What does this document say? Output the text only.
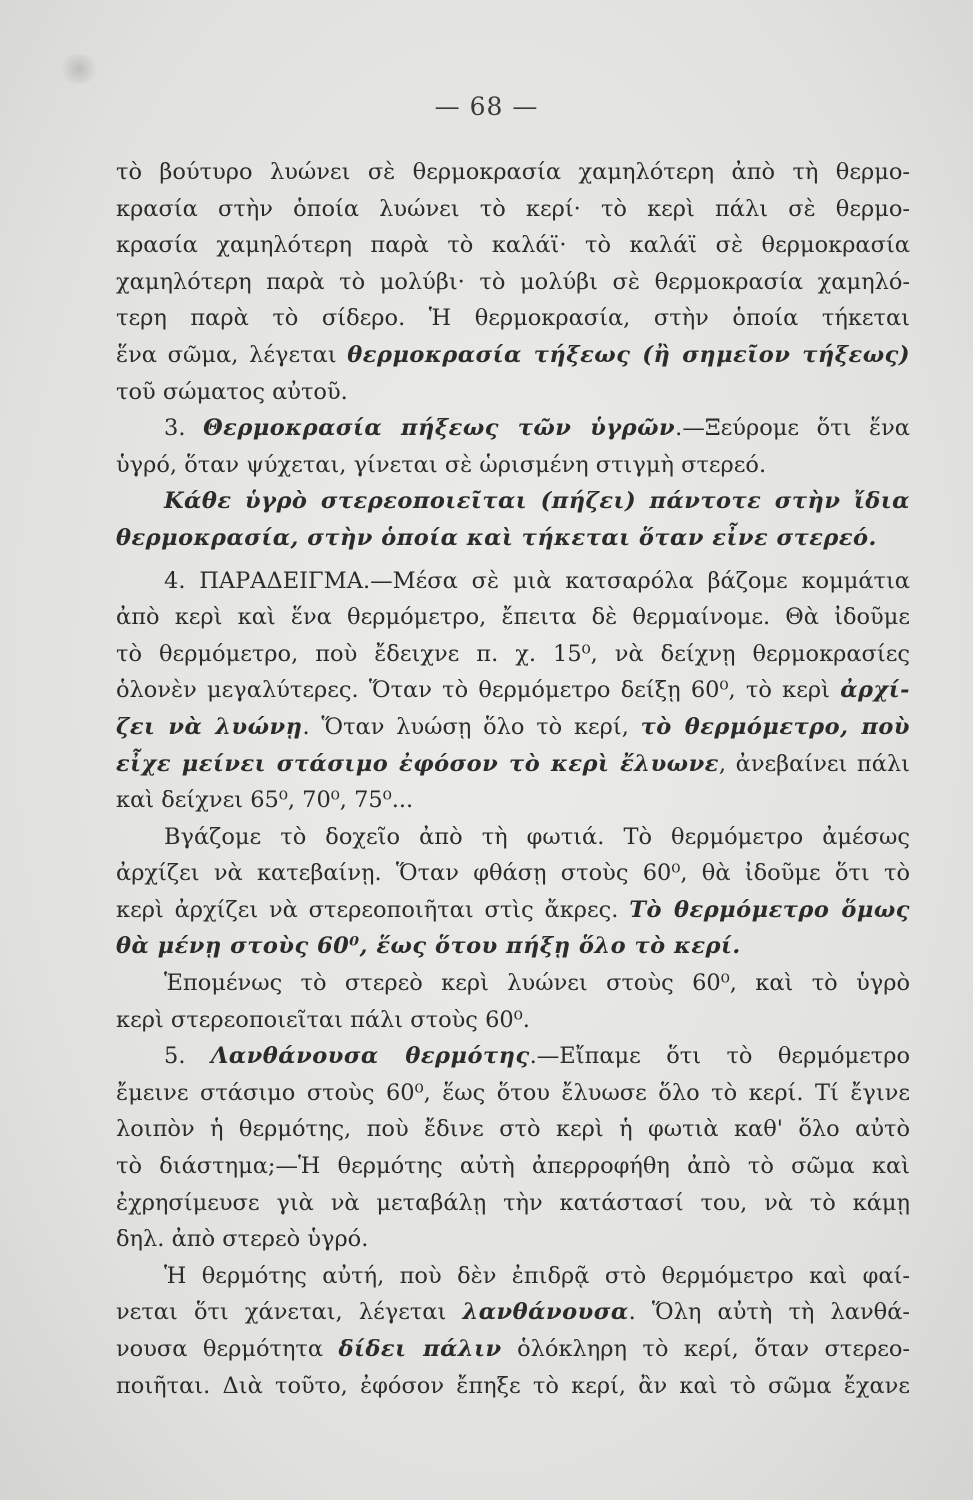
— 68 —
τὸ βούτυρο λυώνει σὲ θερμοκρασία χαμηλότερη ἀπὸ τὴ θερμο-
κρασία στὴν ὁποία λυώνει τὸ κερί· τὸ κερὶ πάλι σὲ θερμο-
κρασία χαμηλότερη παρὰ τὸ καλάϊ· τὸ καλάϊ σὲ θερμοκρασία
χαμηλότερη παρὰ τὸ μολύβι· τὸ μολύβι σὲ θερμοκρασία χαμηλό-
τερη παρὰ τὸ σίδερο. Ἡ θερμοκρασία, στὴν ὁποία τήκεται
ἕνα σῶμα, λέγεται θερμοκρασία τήξεως (ἢ σημεῖον τήξεως)
τοῦ σώματος αὐτοῦ.
3. Θερμοκρασία πήξεως τῶν ὑγρῶν.—Ξεύρομε ὅτι ἕνα
ὑγρό, ὅταν ψύχεται, γίνεται σὲ ὡρισμένη στιγμὴ στερεό.
Κάθε ὑγρὸ στερεοποιεῖται (πήζει) πάντοτε στὴν ἴδια
θερμοκρασία, στὴν ὁποία καὶ τήκεται ὅταν εἶνε στερεό.
4. ΠΑΡΑΔΕΙΓΜΑ.—Μέσα σὲ μιὰ κατσαρόλα βάζομε κομμάτια
ἀπὸ κερὶ καὶ ἕνα θερμόμετρο, ἔπειτα δὲ θερμαίνομε. Θὰ ἰδοῦμε
τὸ θερμόμετρο, ποὺ ἔδειχνε π. χ. 15⁰, νὰ δείχνῃ θερμοκρασίες
ὁλονὲν μεγαλύτερες. Ὅταν τὸ θερμόμετρο δείξῃ 60⁰, τὸ κερὶ ἀρχί-
ζει νὰ λυώνῃ. Ὅταν λυώσῃ ὅλο τὸ κερί, τὸ θερμόμετρο, ποὺ
εἶχε μείνει στάσιμο ἐφόσον τὸ κερὶ ἔλυωνε, ἀνεβαίνει πάλι
καὶ δείχνει 65⁰, 70⁰, 75⁰...
Βγάζομε τὸ δοχεῖο ἀπὸ τὴ φωτιά. Τὸ θερμόμετρο ἀμέσως
ἀρχίζει νὰ κατεβαίνῃ. Ὅταν φθάσῃ στοὺς 60⁰, θὰ ἰδοῦμε ὅτι τὸ
κερὶ ἀρχίζει νὰ στερεοποιῆται στὶς ἄκρες. Τὸ θερμόμετρο ὅμως
θὰ μένῃ στοὺς 60⁰, ἕως ὅτου πήξῃ ὅλο τὸ κερί.
Ἑπομένως τὸ στερεὸ κερὶ λυώνει στοὺς 60⁰, καὶ τὸ ὑγρὸ
κερὶ στερεοποιεῖται πάλι στοὺς 60⁰.
5. Λανθάνουσα θερμότης.—Εἴπαμε ὅτι τὸ θερμόμετρο
ἔμεινε στάσιμο στοὺς 60⁰, ἕως ὅτου ἔλυωσε ὅλο τὸ κερί. Τί ἔγινε
λοιπὸν ἡ θερμότης, ποὺ ἔδινε στὸ κερὶ ἡ φωτιὰ καθ' ὅλο αὐτὸ
τὸ διάστημα;—Ἡ θερμότης αὐτὴ ἀπερροφήθη ἀπὸ τὸ σῶμα καὶ
ἐχρησίμευσε γιὰ νὰ μεταβάλῃ τὴν κατάστασί του, νὰ τὸ κάμῃ
δηλ. ἀπὸ στερεὸ ὑγρό.
Ἡ θερμότης αὐτή, ποὺ δὲν ἐπιδρᾷ στὸ θερμόμετρο καὶ φαί-
νεται ὅτι χάνεται, λέγεται λανθάνουσα. Ὅλη αὐτὴ τὴ λανθά-
νουσα θερμότητα δίδει πάλιν ὁλόκληρη τὸ κερί, ὅταν στερεο-
ποιῆται. Διὰ τοῦτο, ἐφόσον ἔπηξε τὸ κερί, ἂν καὶ τὸ σῶμα ἔχανε
